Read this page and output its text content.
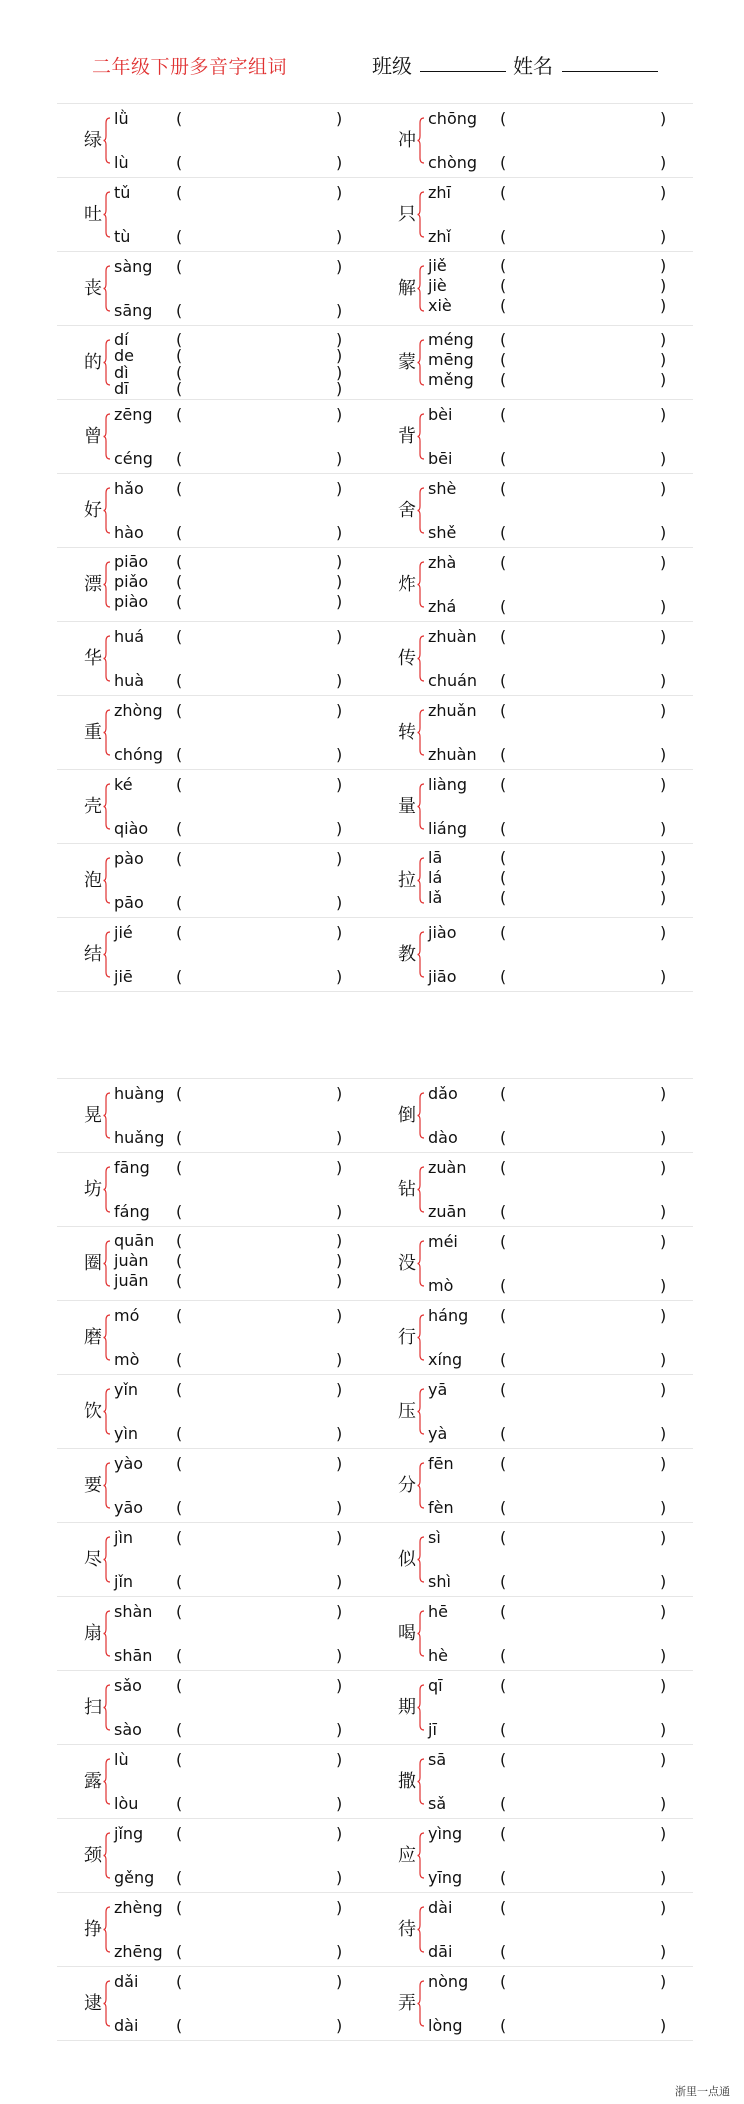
二年级下册多音字组词	班级	姓名
绿
lǜ	(	)
lù	(	)
冲
chōng (	)
chòng (	)
吐
tǔ	(	)
tù	(	)
只
zhī	(	)
zhǐ	(	)
丧
sàng (	)
sāng (	)
解
jiě	(	)
jiè	(	)
xiè	(	)
的
dí	(	)
de	(	)
dì	(	)
dī	(	)
蒙
méng (	)
mēng (	)
měng (	)
曾
zēng (	)
céng (	)
背
bèi	(	)
bēi	(	)
好
hǎo (	)
hào (	)
舍
shè	(	)
shě	(	)
漂
piāo (	)
piǎo (	)
piào (	)
炸
zhà	(	)
zhá	(	)
华
huá (	)
huà (	)
传
zhuàn (	)
chuán (	)
重
zhòng (	)
chóng (	)
转
zhuǎn (	)
zhuàn (	)
壳
ké	(	)
qiào (	)
量
liàng (	)
liáng (	)
泡
pào (	)
pāo (	)
拉
lā	(	)
lá	(	)
lǎ	(	)
结
jié	(	)
jiē	(	)
教
jiào	(	)
jiāo	(	)
晃
huàng (	)
huǎng (	)
倒
dǎo	(	)
dào	(	)
坊
fāng (	)
fáng (	)
钻
zuàn (	)
zuān (	)
圈
quān (	)
juàn (	)
juān (	)
没
méi	(	)
mò	(	)
磨
mó (	)
mò (	)
行
háng (	)
xíng (	)
饮
yǐn (	)
yìn (	)
压
yā	(	)
yà	(	)
要
yào (	)
yāo (	)
分
fēn	(	)
fèn	(	)
尽
jìn	(	)
jǐn	(	)
似
sì	(	)
shì	(	)
扇
shàn (	)
shān (	)
喝
hē	(	)
hè	(	)
扫
sǎo (	)
sào (	)
期
qī	(	)
jī	(	)
露
lù	(	)
lòu (	)
撒
sā	(	)
sǎ	(	)
颈
jǐng (	)
gěng (	)
应
yìng (	)
yīng (	)
挣
zhèng (	)
zhēng (	)
待
dài	(	)
dāi	(	)
逮
dǎi (	)
dài (	)
弄
nòng (	)
lòng (	)
浙里一点通
